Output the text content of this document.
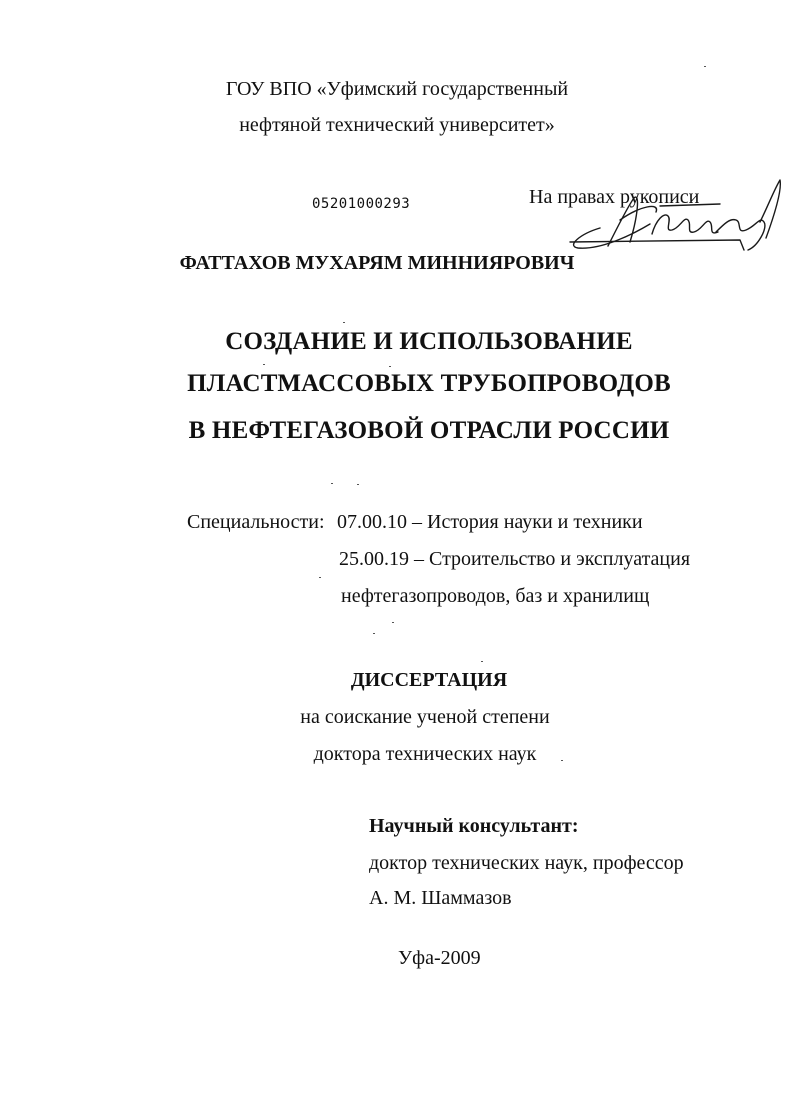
ГОУ ВПО «Уфимский государственный
нефтяной технический университет»
05201000293	На правах рукописи
ФАТТАХОВ МУХАРЯМ МИННИЯРОВИЧ
СОЗДАНИЕ И ИСПОЛЬЗОВАНИЕ
ПЛАСТМАССОВЫХ ТРУБОПРОВОДОВ
В НЕФТЕГАЗОВОЙ ОТРАСЛИ РОССИИ
Специальности: 07.00.10 – История науки и техники
25.00.19 – Строительство и эксплуатация
нефтегазопроводов, баз и хранилищ
ДИССЕРТАЦИЯ
на соискание ученой степени
доктора технических наук
Научный консультант:
доктор технических наук, профессор
А. М. Шаммазов
Уфа-2009
